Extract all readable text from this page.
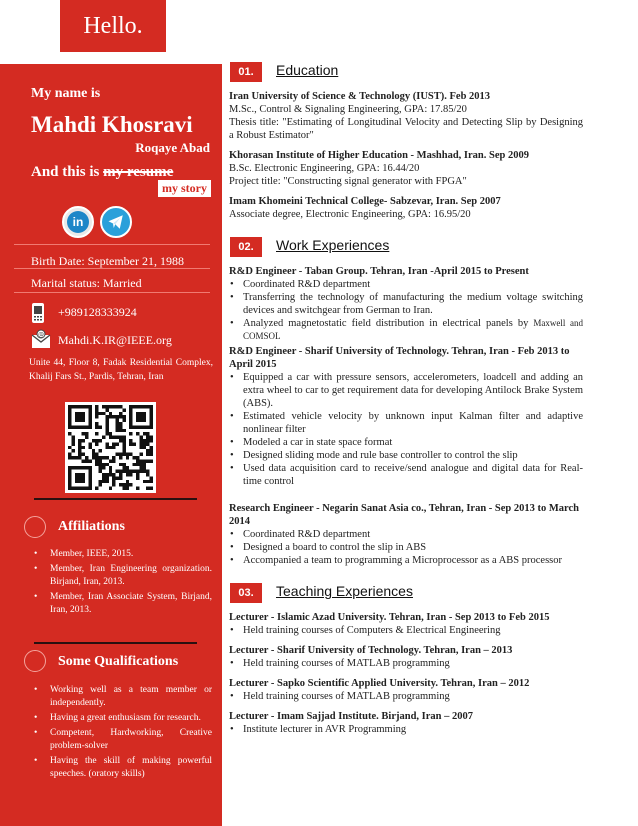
Hello.
My name is
Mahdi Khosravi
Roqaye Abad
And this is my resume
my story
in
Birth Date: September 21, 1988
Marital status: Married
+989128333924
@ Mahdi.K.IR@IEEE.org
Unite 44, Floor 8, Fadak Residential Complex, Khalij Fars St., Pardis, Tehran, Iran
Affiliations
• Member, IEEE, 2015.
• Member, Iran Engineering organization. Birjand, Iran, 2013.
• Member, Iran Associate System, Birjand, Iran, 2013.
Some Qualifications
• Working well as a team member or independently.
• Having a great enthusiasm for research.
• Competent, Hardworking, Creative problem-solver
• Having the skill of making powerful speeches. (oratory skills)
01.	Education
Iran University of Science & Technology (IUST). Feb 2013
M.Sc., Control & Signaling Engineering, GPA: 17.85/20
Thesis title: "Estimating of Longitudinal Velocity and Detecting Slip by Designing a Robust Estimator"
Khorasan Institute of Higher Education - Mashhad, Iran. Sep 2009
B.Sc. Electronic Engineering, GPA: 16.44/20
Project title: "Constructing signal generator with FPGA"
Imam Khomeini Technical College- Sabzevar, Iran. Sep 2007
Associate degree, Electronic Engineering, GPA: 16.95/20
02.	Work Experiences
R&D Engineer - Taban Group. Tehran, Iran -April 2015 to Present
• Coordinated R&D department
• Transferring the technology of manufacturing the medium voltage switching devices and switchgear from German to Iran.
• Analyzed magnetostatic field distribution in electrical panels by Maxwell and COMSOL
R&D Engineer - Sharif University of Technology. Tehran, Iran - Feb 2013 to April 2015
• Equipped a car with pressure sensors, accelerometers, loadcell and adding an extra wheel to car to get requirement data for developing Antilock Brake System (ABS).
• Estimated vehicle velocity by unknown input Kalman filter and adaptive nonlinear filter
• Modeled a car in state space format
• Designed sliding mode and rule base controller to control the slip
• Used data acquisition card to receive/send analogue and digital data for Real-time control
Research Engineer - Negarin Sanat Asia co., Tehran, Iran - Sep 2013 to March 2014
• Coordinated R&D department
• Designed a board to control the slip in ABS
• Accompanied a team to programming a Microprocessor as a ABS processor
03.	Teaching Experiences
Lecturer - Islamic Azad University. Tehran, Iran - Sep 2013 to Feb 2015
• Held training courses of Computers & Electrical Engineering
Lecturer - Sharif University of Technology. Tehran, Iran – 2013
• Held training courses of MATLAB programming
Lecturer - Sapko Scientific Applied University. Tehran, Iran – 2012
• Held training courses of MATLAB programming
Lecturer - Imam Sajjad Institute. Birjand, Iran – 2007
• Institute lecturer in AVR Programming
